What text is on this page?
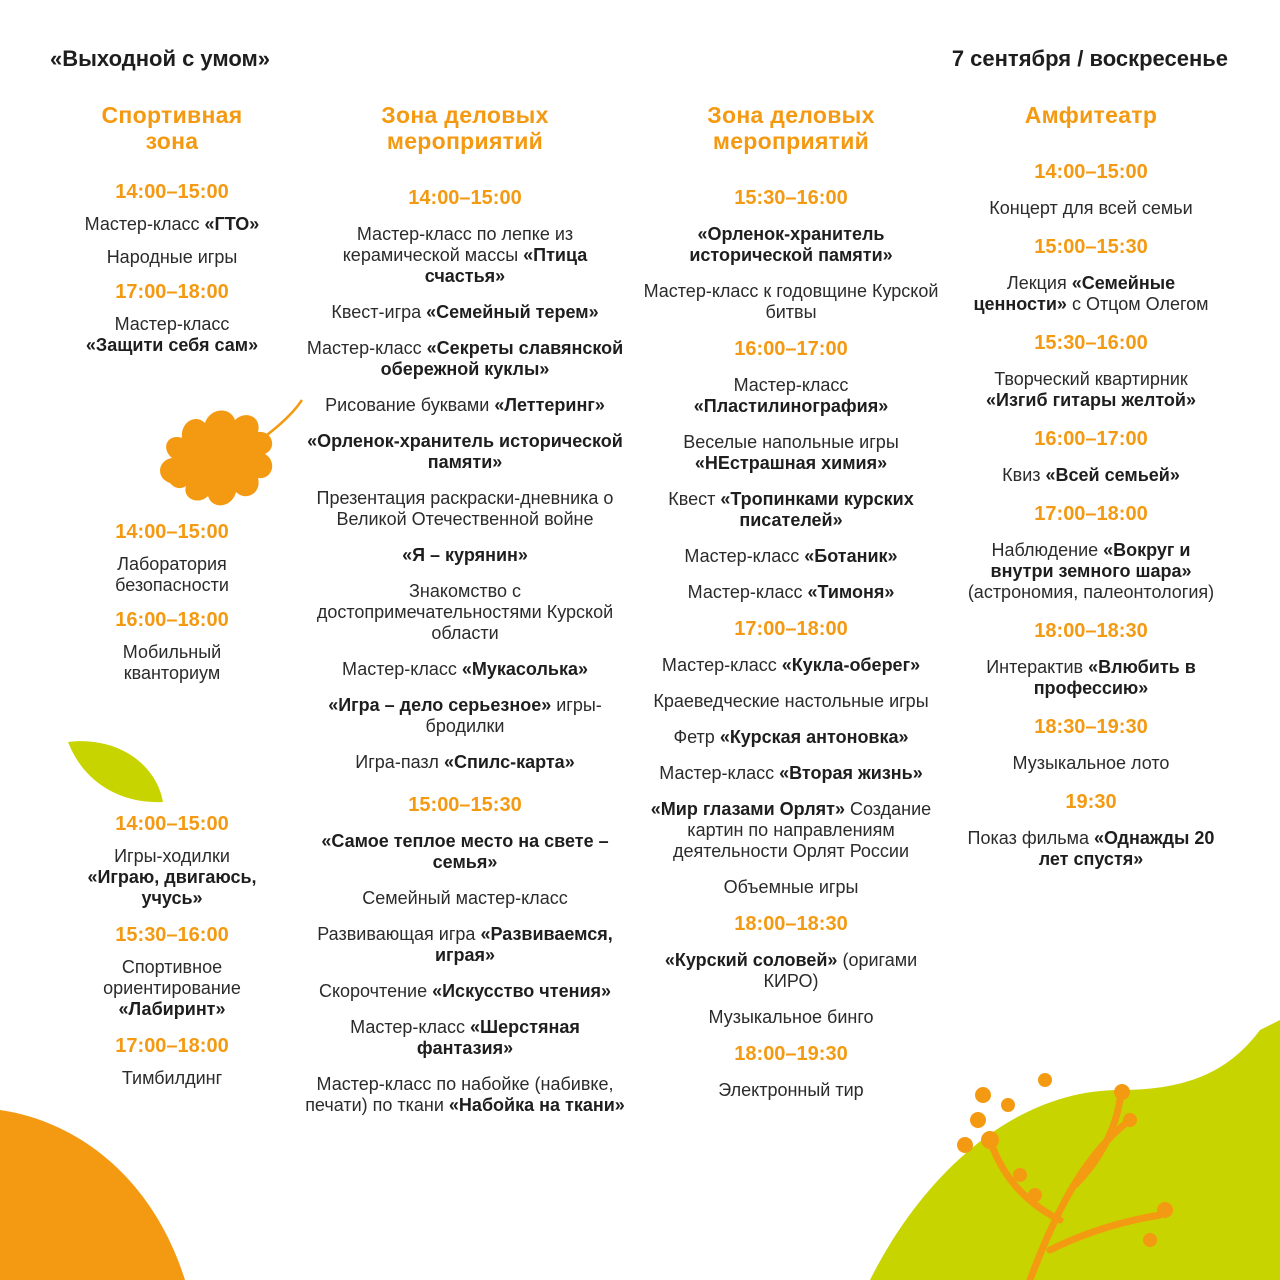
«Выходной с умом»	7 сентября / воскресенье
Спортивная зона
14:00–15:00
Мастер-класс «ГТО»
Народные игры
17:00–18:00
Мастер-класс «Защити себя сам»
14:00–15:00
Лаборатория безопасности
16:00–18:00
Мобильный кванториум
14:00–15:00
Игры-ходилки «Играю, двигаюсь, учусь»
15:30–16:00
Спортивное ориентирование «Лабиринт»
17:00–18:00
Тимбилдинг
Зона деловых мероприятий
14:00–15:00
Мастер-класс по лепке из керамической массы «Птица счастья»
Квест-игра «Семейный терем»
Мастер-класс «Секреты славянской обережной куклы»
Рисование буквами «Леттеринг»
«Орленок-хранитель исторической памяти»
Презентация раскраски-дневника о Великой Отечественной войне
«Я – курянин»
Знакомство с достопримечательностями Курской области
Мастер-класс «Мукасолька»
«Игра – дело серьезное» игры-бродилки
Игра-пазл «Спилс-карта»
15:00–15:30
«Самое теплое место на свете – семья»
Семейный мастер-класс
Развивающая игра «Развиваемся, играя»
Скорочтение «Искусство чтения»
Мастер-класс «Шерстяная фантазия»
Мастер-класс по набойке (набивке, печати) по ткани «Набойка на ткани»
Зона деловых мероприятий
15:30–16:00
«Орленок-хранитель исторической памяти»
Мастер-класс к годовщине Курской битвы
16:00–17:00
Мастер-класс «Пластилинография»
Веселые напольные игры «НЕстрашная химия»
Квест «Тропинками курских писателей»
Мастер-класс «Ботаник»
Мастер-класс «Тимоня»
17:00–18:00
Мастер-класс «Кукла-оберег»
Краеведческие настольные игры
Фетр «Курская антоновка»
Мастер-класс «Вторая жизнь»
«Мир глазами Орлят» Создание картин по направлениям деятельности Орлят России
Объемные игры
18:00–18:30
«Курский соловей» (оригами КИРО)
Музыкальное бинго
18:00–19:30
Электронный тир
Амфитеатр
14:00–15:00
Концерт для всей семьи
15:00–15:30
Лекция «Семейные ценности» с Отцом Олегом
15:30–16:00
Творческий квартирник «Изгиб гитары желтой»
16:00–17:00
Квиз «Всей семьей»
17:00–18:00
Наблюдение «Вокруг и внутри земного шара» (астрономия, палеонтология)
18:00–18:30
Интерактив «Влюбить в профессию»
18:30–19:30
Музыкальное лото
19:30
Показ фильма «Однажды 20 лет спустя»
